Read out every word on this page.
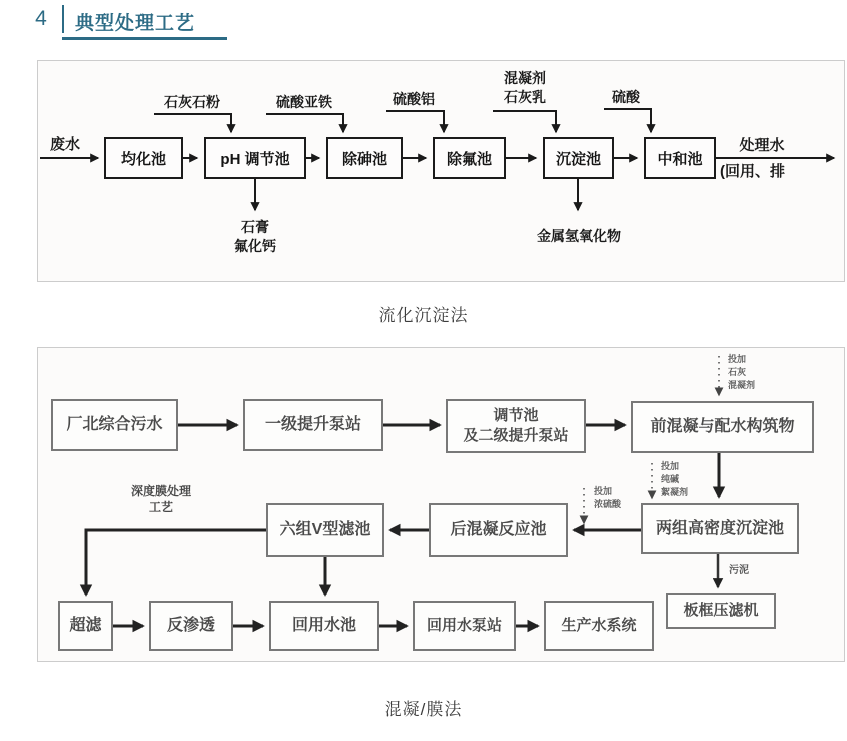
4	典型处理工艺
均化池	pH 调节池	除砷池	除氟池	沉淀池	中和池
废水
石灰石粉	硫酸亚铁	硫酸铝
混凝剂
石灰乳	硫酸
石膏
氟化钙
金属氢氧化物
处理水
(回用、排
流化沉淀法
厂北综合污水	一级提升泵站
调节池
及二级提升泵站
前混凝与配水构筑物
两组高密度沉淀池
后混凝反应池
六组V型滤池
超滤	反渗透	回用水池	回用水泵站	生产水系统
板框压滤机
投加
石灰
混凝剂
投加
纯碱
絮凝剂
投加
浓硫酸
污泥
深度膜处理
工艺
混凝/膜法
